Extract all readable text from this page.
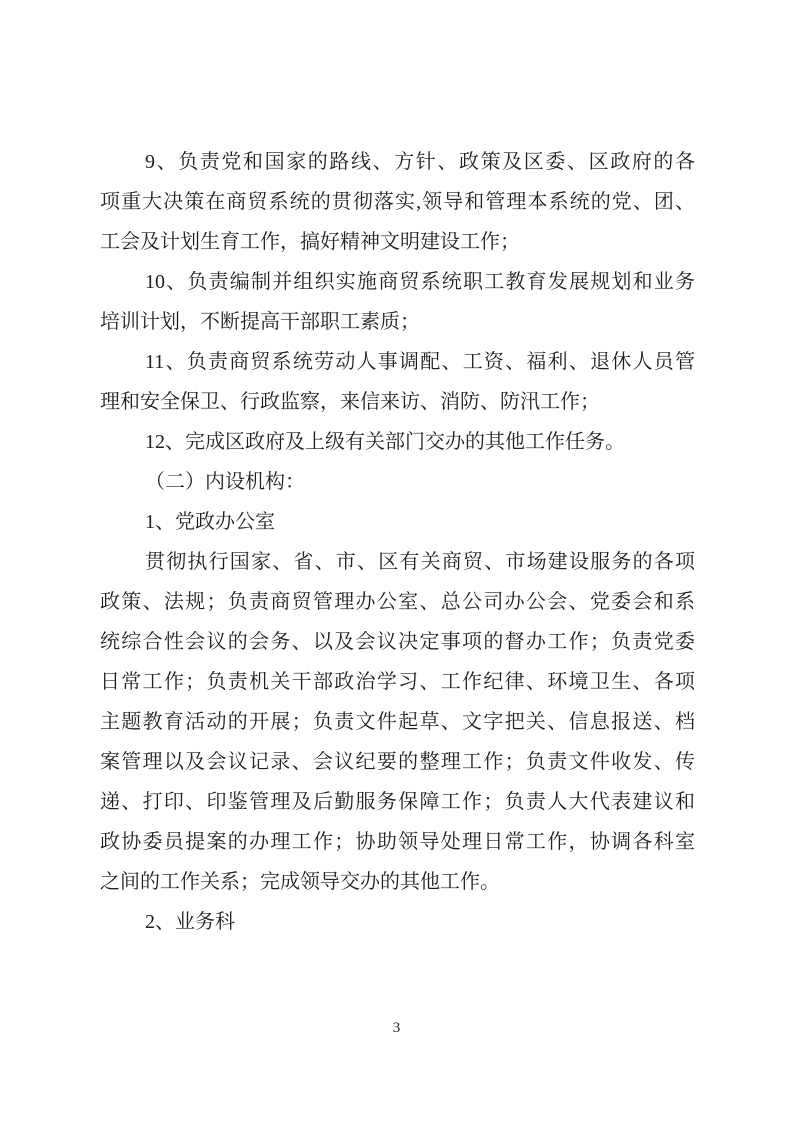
9、负责党和国家的路线、方针、政策及区委、区政府的各
项重大决策在商贸系统的贯彻落实,领导和管理本系统的党、团、
工会及计划生育工作，搞好精神文明建设工作；
10、负责编制并组织实施商贸系统职工教育发展规划和业务
培训计划，不断提高干部职工素质；
11、负责商贸系统劳动人事调配、工资、福利、退休人员管
理和安全保卫、行政监察，来信来访、消防、防汛工作；
12、完成区政府及上级有关部门交办的其他工作任务。
（二）内设机构：
1、党政办公室
贯彻执行国家、省、市、区有关商贸、市场建设服务的各项
政策、法规；负责商贸管理办公室、总公司办公会、党委会和系
统综合性会议的会务、以及会议决定事项的督办工作；负责党委
日常工作；负责机关干部政治学习、工作纪律、环境卫生、各项
主题教育活动的开展；负责文件起草、文字把关、信息报送、档
案管理以及会议记录、会议纪要的整理工作；负责文件收发、传
递、打印、印鉴管理及后勤服务保障工作；负责人大代表建议和
政协委员提案的办理工作；协助领导处理日常工作，协调各科室
之间的工作关系；完成领导交办的其他工作。
2、业务科
3
